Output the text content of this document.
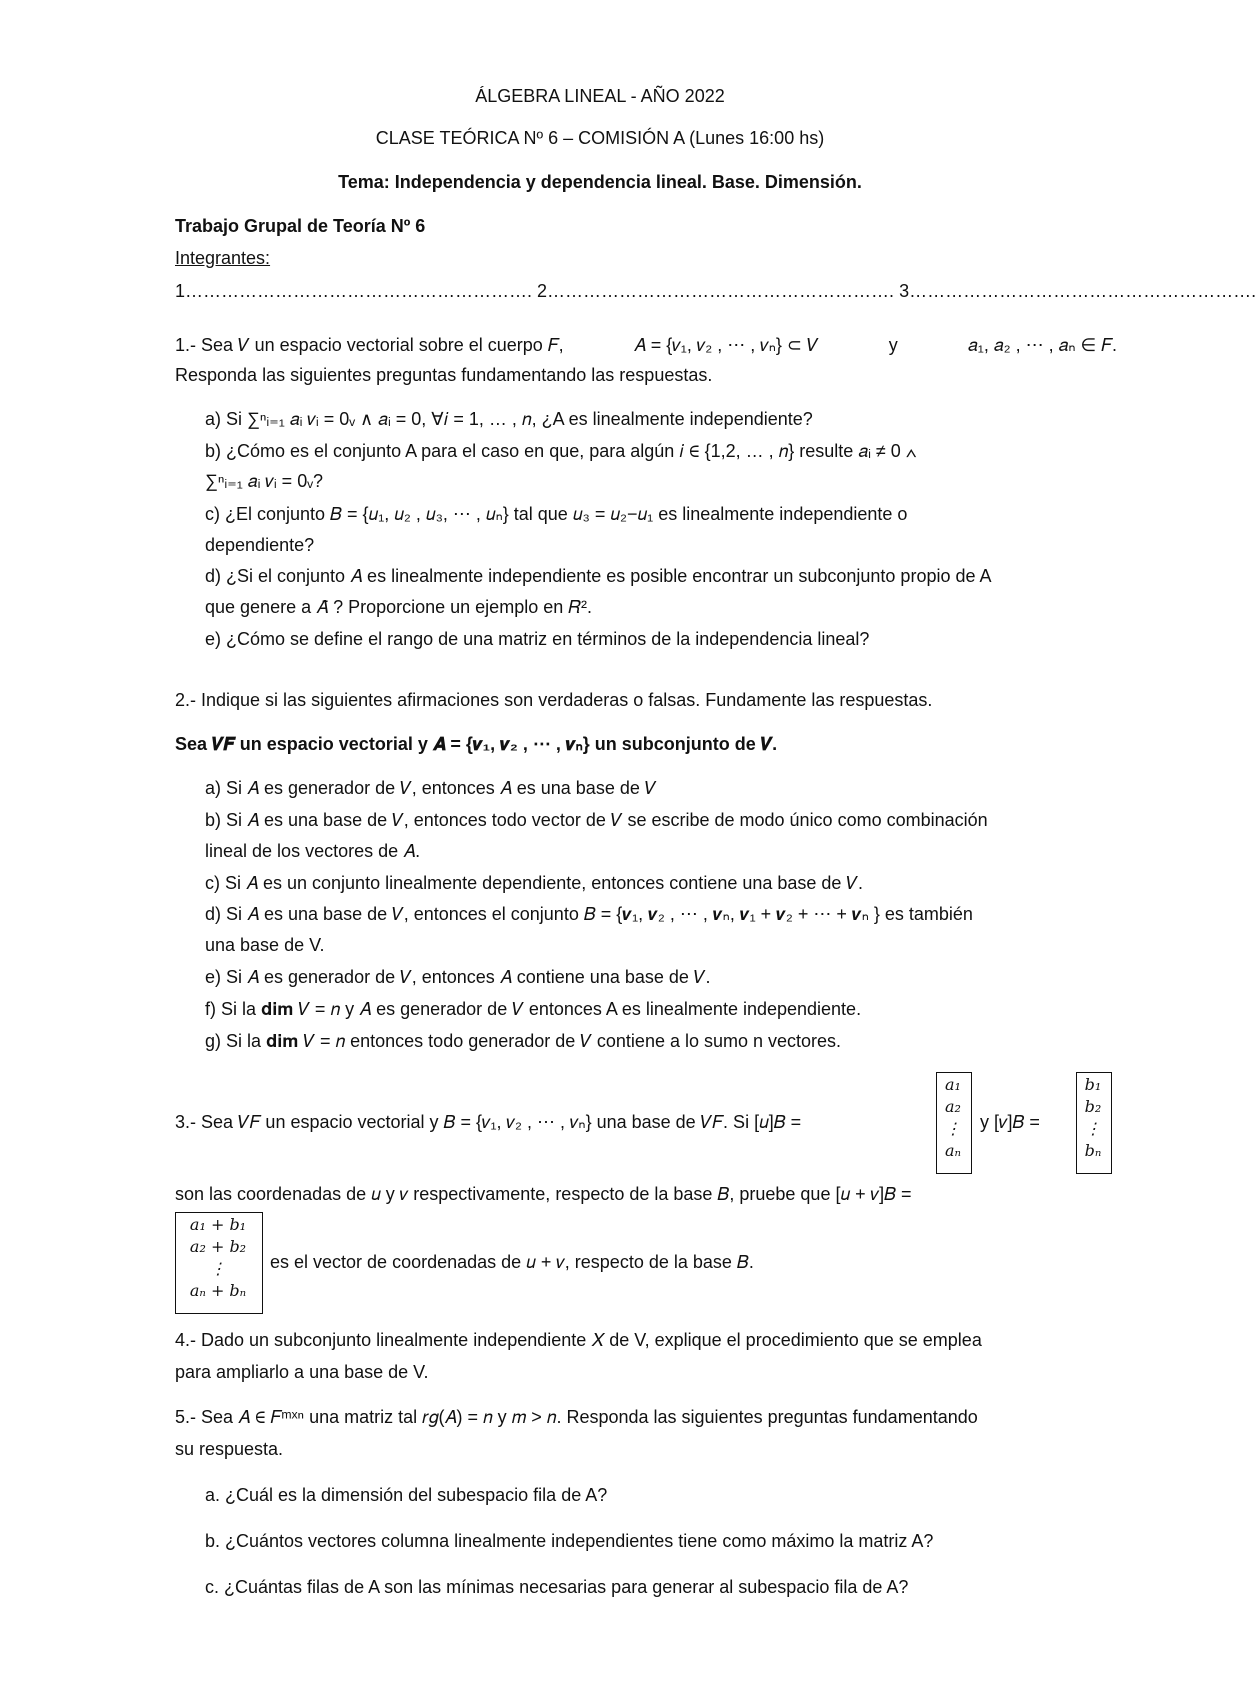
ÁLGEBRA LINEAL - AÑO 2022
CLASE TEÓRICA Nº 6 – COMISIÓN A (Lunes 16:00 hs)
Tema: Independencia y dependencia lineal. Base. Dimensión.
Trabajo Grupal de Teoría Nº 6
Integrantes:
1…………………………………………………. 2…………………………………………………. 3………………………………………………….
1.- Sea 𝑉 un espacio vectorial sobre el cuerpo 𝐹,	𝐴 = {𝑣₁, 𝑣₂ , ⋯ , 𝑣ₙ} ⊂ 𝑉	y	𝑎₁, 𝑎₂ , ⋯ , 𝑎ₙ ∈ 𝐹.
Responda las siguientes preguntas fundamentando las respuestas.
a) Si ∑ⁿᵢ₌₁ 𝑎ᵢ 𝑣ᵢ = 0ᵥ ∧ 𝑎ᵢ = 0, ∀𝑖 = 1, … , 𝑛, ¿A es linealmente independiente?
b) ¿Cómo es el conjunto A para el caso en que, para algún 𝑖 ∈ {1,2, … , 𝑛} resulte 𝑎ᵢ ≠ 0 ∧
∑ⁿᵢ₌₁ 𝑎ᵢ 𝑣ᵢ = 0ᵥ?
c) ¿El conjunto 𝐵 = {𝑢₁, 𝑢₂ , 𝑢₃, ⋯ , 𝑢ₙ} tal que 𝑢₃ = 𝑢₂−𝑢₁ es linealmente independiente o
dependiente?
d) ¿Si el conjunto 𝐴 es linealmente independiente es posible encontrar un subconjunto propio de A
que genere a 𝐴̄ ? Proporcione un ejemplo en 𝑅².
e) ¿Cómo se define el rango de una matriz en términos de la independencia lineal?
2.- Indique si las siguientes afirmaciones son verdaderas o falsas. Fundamente las respuestas.
Sea 𝑽𝑭 un espacio vectorial y 𝑨 = {𝒗₁, 𝒗₂ , ⋯ , 𝒗ₙ} un subconjunto de 𝑽.
a) Si 𝐴 es generador de 𝑉, entonces 𝐴 es una base de 𝑉
b) Si 𝐴 es una base de 𝑉, entonces todo vector de 𝑉 se escribe de modo único como combinación
lineal de los vectores de 𝐴.
c) Si 𝐴 es un conjunto linealmente dependiente, entonces contiene una base de 𝑉.
d) Si 𝐴 es una base de 𝑉, entonces el conjunto 𝐵 = {𝒗₁, 𝒗₂ , ⋯ , 𝒗ₙ, 𝒗₁ + 𝒗₂ + ⋯ + 𝒗ₙ } es también
una base de V.
e) Si 𝐴 es generador de 𝑉, entonces 𝐴 contiene una base de 𝑉.
f) Si la 𝐝𝐢𝐦 𝑉 = 𝑛 y 𝐴 es generador de 𝑉 entonces A es linealmente independiente.
g) Si la 𝐝𝐢𝐦 𝑉 = 𝑛 entonces todo generador de 𝑉 contiene a lo sumo n vectores.
3.- Sea 𝑉𝐹 un espacio vectorial y 𝐵 = {𝑣₁, 𝑣₂ , ⋯ , 𝑣ₙ} una base de 𝑉𝐹. Si [𝑢]𝐵 =
𝑎₁
𝑎₂
⋮
𝑎ₙ
y [𝑣]𝐵 =
𝑏₁
𝑏₂
⋮
𝑏ₙ
son las coordenadas de 𝑢 y 𝑣 respectivamente, respecto de la base 𝐵, pruebe que [𝑢 + 𝑣]𝐵 =
𝑎₁ + 𝑏₁
𝑎₂ + 𝑏₂
⋮
𝑎ₙ + 𝑏ₙ
es el vector de coordenadas de 𝑢 + 𝑣, respecto de la base 𝐵.
4.- Dado un subconjunto linealmente independiente 𝑋 de V, explique el procedimiento que se emplea
para ampliarlo a una base de V.
5.- Sea 𝐴 ∈ 𝐹ᵐˣⁿ una matriz tal 𝑟𝑔(𝐴) = 𝑛 y 𝑚 > 𝑛. Responda las siguientes preguntas fundamentando
su respuesta.
a. ¿Cuál es la dimensión del subespacio fila de A?
b. ¿Cuántos vectores columna linealmente independientes tiene como máximo la matriz A?
c. ¿Cuántas filas de A son las mínimas necesarias para generar al subespacio fila de A?
